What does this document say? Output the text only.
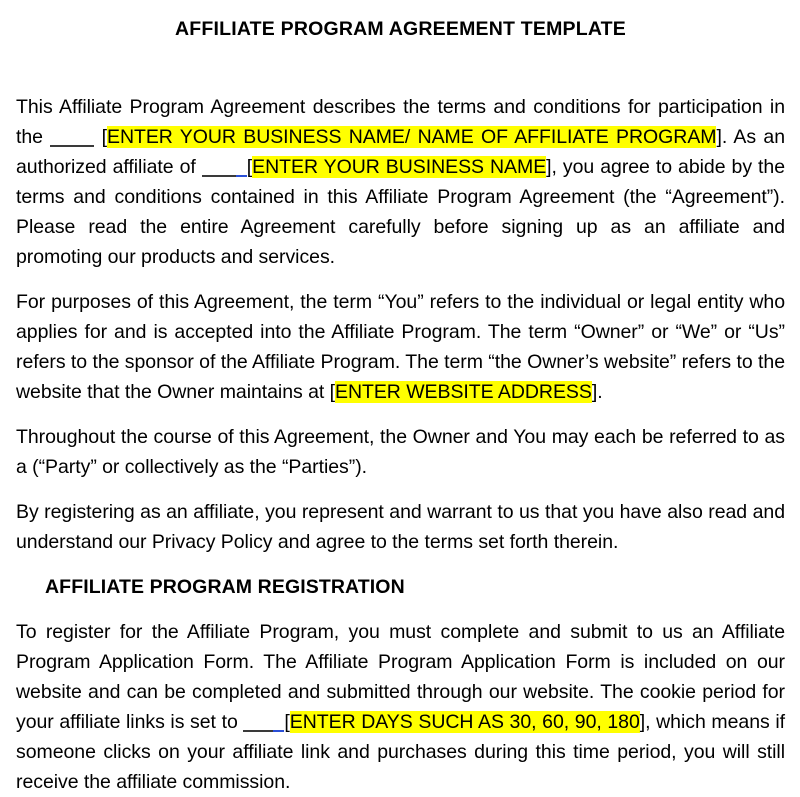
AFFILIATE PROGRAM AGREEMENT TEMPLATE

This Affiliate Program Agreement describes the terms and conditions for participation in the	[ENTER YOUR BUSINESS NAME/ NAME OF AFFILIATE PROGRAM]. As an authorized affiliate of [ENTER YOUR BUSINESS NAME], you agree to abide by the terms and conditions contained in this Affiliate Program Agreement (the “Agreement”). Please read the entire Agreement carefully before signing up as an affiliate and promoting our products and services.

For purposes of this Agreement, the term “You” refers to the individual or legal entity who applies for and is accepted into the Affiliate Program. The term “Owner” or “We” or “Us” refers to the sponsor of the Affiliate Program. The term “the Owner’s website” refers to the website that the Owner maintains at [ENTER WEBSITE ADDRESS].

Throughout the course of this Agreement, the Owner and You may each be referred to as a (“Party” or collectively as the “Parties”).

By registering as an affiliate, you represent and warrant to us that you have also read and understand our Privacy Policy and agree to the terms set forth therein.

AFFILIATE PROGRAM REGISTRATION

To register for the Affiliate Program, you must complete and submit to us an Affiliate Program Application Form. The Affiliate Program Application Form is included on our website and can be completed and submitted through our website. The cookie period for your affiliate links is set to [ENTER DAYS SUCH AS 30, 60, 90, 180], which means if someone clicks on your affiliate link and purchases during this time period, you will still receive the affiliate commission.
